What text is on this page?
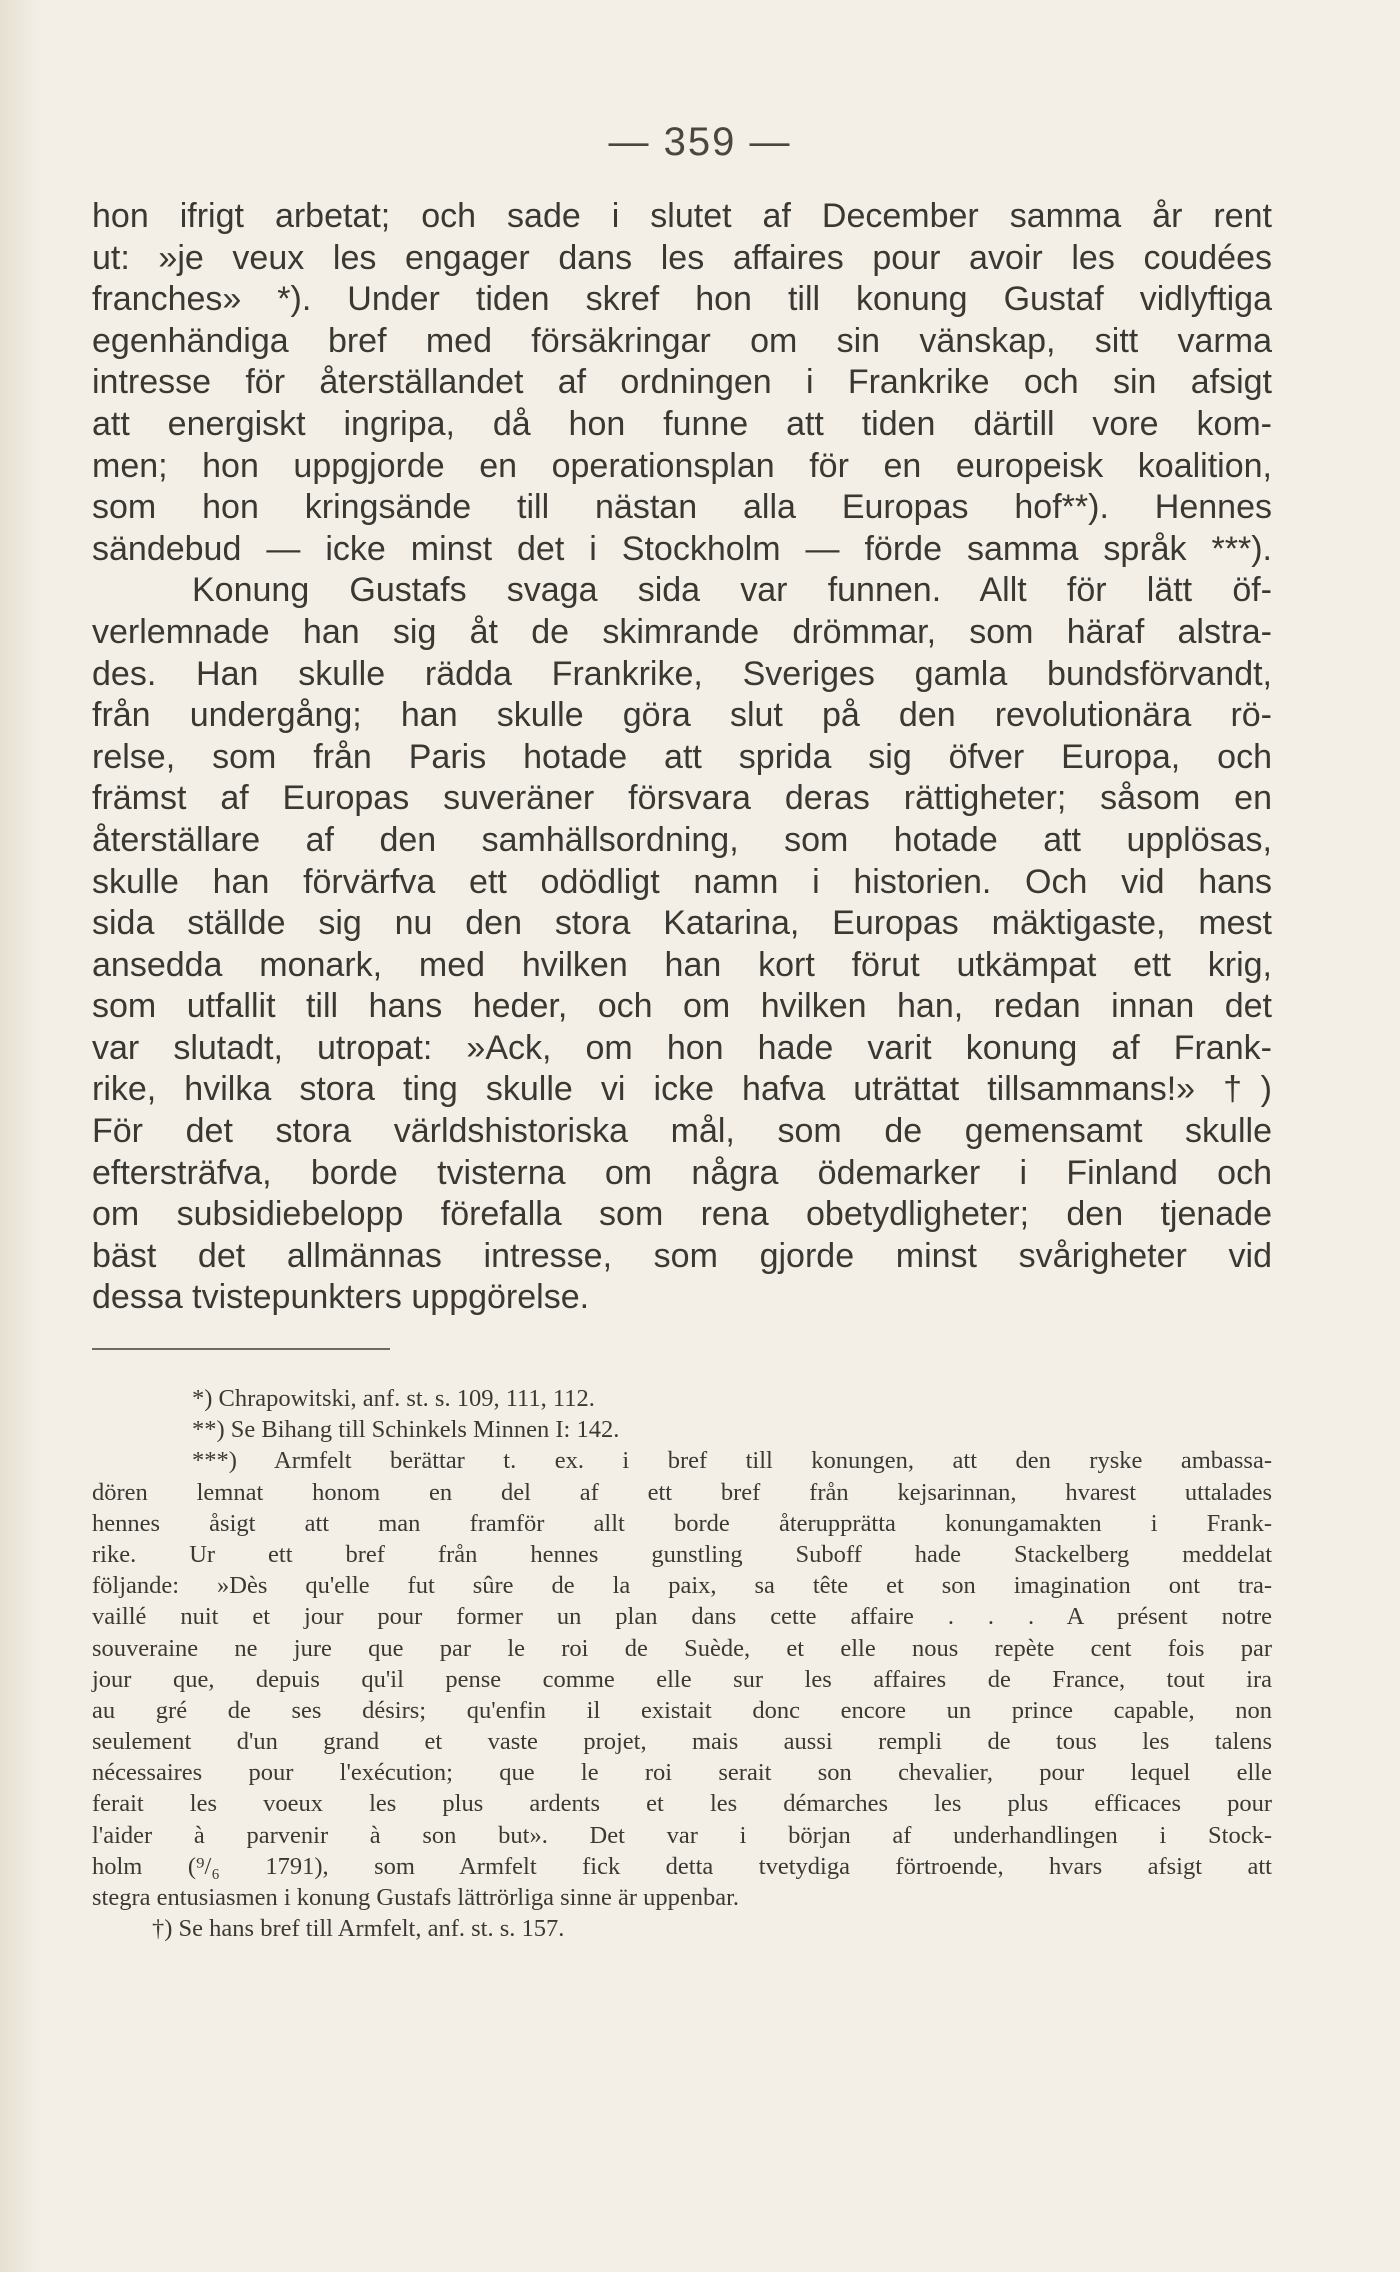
— 359 —
hon ifrigt arbetat; och sade i slutet af December samma år rent
ut: »je veux les engager dans les affaires pour avoir les coudées
franches» *). Under tiden skref hon till konung Gustaf vidlyftiga
egenhändiga bref med försäkringar om sin vänskap, sitt varma
intresse för återställandet af ordningen i Frankrike och sin afsigt
att energiskt ingripa, då hon funne att tiden därtill vore kom-
men; hon uppgjorde en operationsplan för en europeisk koalition,
som hon kringsände till nästan alla Europas hof**). Hennes
sändebud — icke minst det i Stockholm — förde samma språk ***).
Konung Gustafs svaga sida var funnen. Allt för lätt öf-
verlemnade han sig åt de skimrande drömmar, som häraf alstra-
des. Han skulle rädda Frankrike, Sveriges gamla bundsförvandt,
från undergång; han skulle göra slut på den revolutionära rö-
relse, som från Paris hotade att sprida sig öfver Europa, och
främst af Europas suveräner försvara deras rättigheter; såsom en
återställare af den samhällsordning, som hotade att upplösas,
skulle han förvärfva ett odödligt namn i historien. Och vid hans
sida ställde sig nu den stora Katarina, Europas mäktigaste, mest
ansedda monark, med hvilken han kort förut utkämpat ett krig,
som utfallit till hans heder, och om hvilken han, redan innan det
var slutadt, utropat: »Ack, om hon hade varit konung af Frank-
rike, hvilka stora ting skulle vi icke hafva uträttat tillsammans!» †)
För det stora världshistoriska mål, som de gemensamt skulle
eftersträfva, borde tvisterna om några ödemarker i Finland och
om subsidiebelopp förefalla som rena obetydligheter; den tjenade
bäst det allmännas intresse, som gjorde minst svårigheter vid
dessa tvistepunkters uppgörelse.
*) Chrapowitski, anf. st. s. 109, 111, 112.
**) Se Bihang till Schinkels Minnen I: 142.
***) Armfelt berättar t. ex. i bref till konungen, att den ryske ambassa-
dören lemnat honom en del af ett bref från kejsarinnan, hvarest uttalades
hennes åsigt att man framför allt borde återupprätta konungamakten i Frank-
rike. Ur ett bref från hennes gunstling Suboff hade Stackelberg meddelat
följande: »Dès qu'elle fut sûre de la paix, sa tête et son imagination ont tra-
vaillé nuit et jour pour former un plan dans cette affaire . . . A présent notre
souveraine ne jure que par le roi de Suède, et elle nous repète cent fois par
jour que, depuis qu'il pense comme elle sur les affaires de France, tout ira
au gré de ses désirs; qu'enfin il existait donc encore un prince capable, non
seulement d'un grand et vaste projet, mais aussi rempli de tous les talens
nécessaires pour l'exécution; que le roi serait son chevalier, pour lequel elle
ferait les voeux les plus ardents et les démarches les plus efficaces pour
l'aider à parvenir à son but». Det var i början af underhandlingen i Stock-
holm (⁹/₆ 1791), som Armfelt fick detta tvetydiga förtroende, hvars afsigt att
stegra entusiasmen i konung Gustafs lättrörliga sinne är uppenbar.
†) Se hans bref till Armfelt, anf. st. s. 157.
